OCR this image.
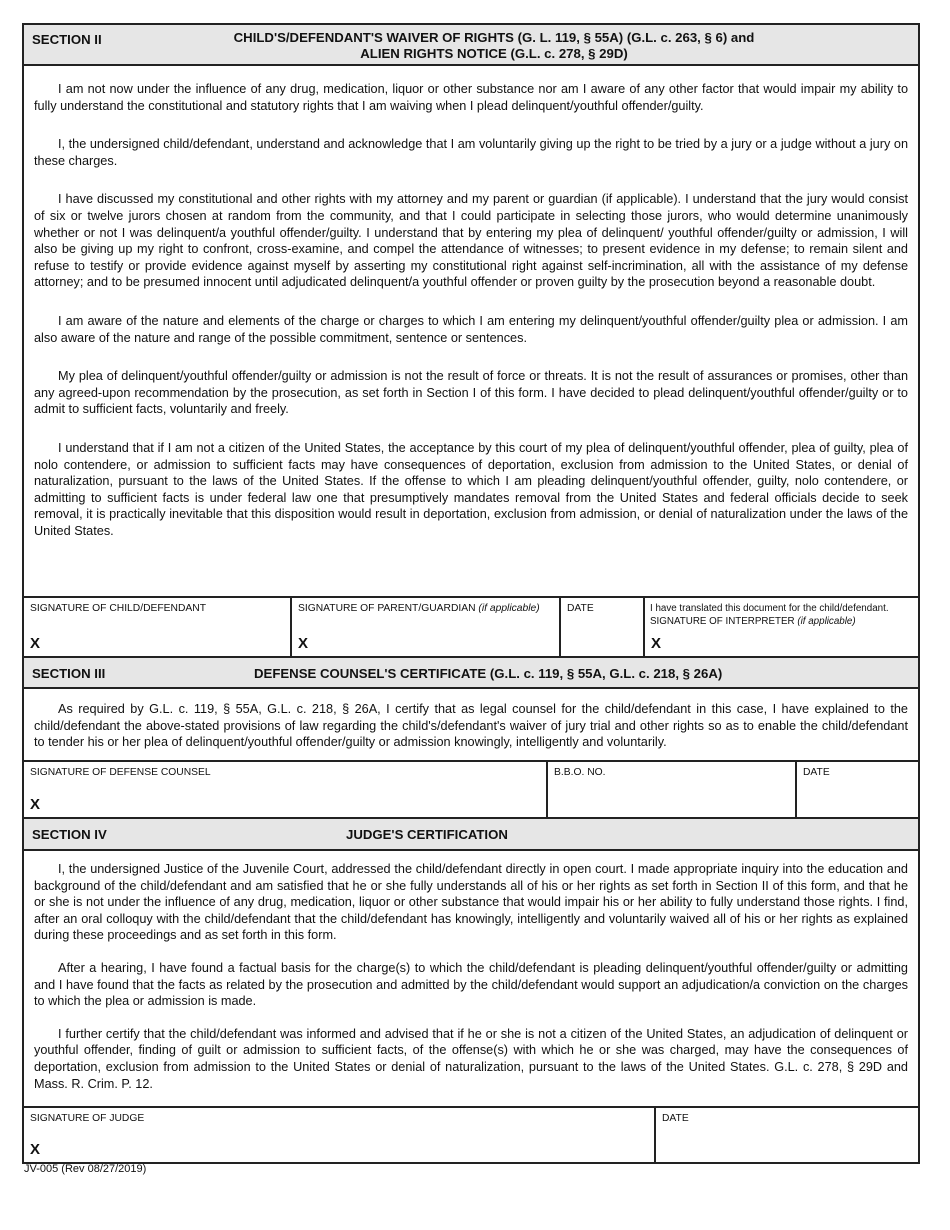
SECTION II	CHILD'S/DEFENDANT'S WAIVER OF RIGHTS (G. L. 119, § 55A) (G.L. c. 263, § 6) and
ALIEN RIGHTS NOTICE (G.L. c. 278, § 29D)

I am not now under the influence of any drug, medication, liquor or other substance nor am I aware of any other factor that would impair my ability to fully understand the constitutional and statutory rights that I am waiving when I plead delinquent/youthful offender/guilty.

I, the undersigned child/defendant, understand and acknowledge that I am voluntarily giving up the right to be tried by a jury or a judge without a jury on these charges.

I have discussed my constitutional and other rights with my attorney and my parent or guardian (if applicable). I understand that the jury would consist of six or twelve jurors chosen at random from the community, and that I could participate in selecting those jurors, who would determine unanimously whether or not I was delinquent/a youthful offender/guilty. I understand that by entering my plea of delinquent/ youthful offender/guilty or admission, I will also be giving up my right to confront, cross-examine, and compel the attendance of witnesses; to present evidence in my defense; to remain silent and refuse to testify or provide evidence against myself by asserting my constitutional right against self-incrimination, all with the assistance of my defense attorney; and to be presumed innocent until adjudicated delinquent/a youthful offender or proven guilty by the prosecution beyond a reasonable doubt.

I am aware of the nature and elements of the charge or charges to which I am entering my delinquent/youthful offender/guilty plea or admission. I am also aware of the nature and range of the possible commitment, sentence or sentences.

My plea of delinquent/youthful offender/guilty or admission is not the result of force or threats. It is not the result of assurances or promises, other than any agreed-upon recommendation by the prosecution, as set forth in Section I of this form. I have decided to plead delinquent/youthful offender/guilty or to admit to sufficient facts, voluntarily and freely.

I understand that if I am not a citizen of the United States, the acceptance by this court of my plea of delinquent/youthful offender, plea of guilty, plea of nolo contendere, or admission to sufficient facts may have consequences of deportation, exclusion from admission to the United States, or denial of naturalization, pursuant to the laws of the United States. If the offense to which I am pleading delinquent/youthful offender, guilty, nolo contendere, or admitting to sufficient facts is under federal law one that presumptively mandates removal from the United States and federal officials decide to seek removal, it is practically inevitable that this disposition would result in deportation, exclusion from admission, or denial of naturalization under the laws of the United States.

SIGNATURE OF CHILD/DEFENDANT
X
SIGNATURE OF PARENT/GUARDIAN (if applicable)
X
DATE	I have translated this document for the child/defendant.
SIGNATURE OF INTERPRETER (if applicable)
X
SECTION III	DEFENSE COUNSEL'S CERTIFICATE (G.L. c. 119, § 55A, G.L. c. 218, § 26A)

As required by G.L. c. 119, § 55A, G.L. c. 218, § 26A, I certify that as legal counsel for the child/defendant in this case, I have explained to the child/defendant the above-stated provisions of law regarding the child's/defendant's waiver of jury trial and other rights so as to enable the child/defendant to tender his or her plea of delinquent/youthful offender/guilty or admission knowingly, intelligently and voluntarily.

SIGNATURE OF DEFENSE COUNSEL
X
B.B.O. NO.	DATE
SECTION IV	JUDGE'S CERTIFICATION

I, the undersigned Justice of the Juvenile Court, addressed the child/defendant directly in open court. I made appropriate inquiry into the education and background of the child/defendant and am satisfied that he or she fully understands all of his or her rights as set forth in Section II of this form, and that he or she is not under the influence of any drug, medication, liquor or other substance that would impair his or her ability to fully understand those rights. I find, after an oral colloquy with the child/defendant that the child/defendant has knowingly, intelligently and voluntarily waived all of his or her rights as explained during these proceedings and as set forth in this form.

After a hearing, I have found a factual basis for the charge(s) to which the child/defendant is pleading delinquent/youthful offender/guilty or admitting and I have found that the facts as related by the prosecution and admitted by the child/defendant would support an adjudication/a conviction on the charges to which the plea or admission is made.

I further certify that the child/defendant was informed and advised that if he or she is not a citizen of the United States, an adjudication of delinquent or youthful offender, finding of guilt or admission to sufficient facts, of the offense(s) with which he or she was charged, may have the consequences of deportation, exclusion from admission to the United States or denial of naturalization, pursuant to the laws of the United States. G.L. c. 278, § 29D and Mass. R. Crim. P. 12.

SIGNATURE OF JUDGE
X
DATE
JV-005 (Rev 08/27/2019)
